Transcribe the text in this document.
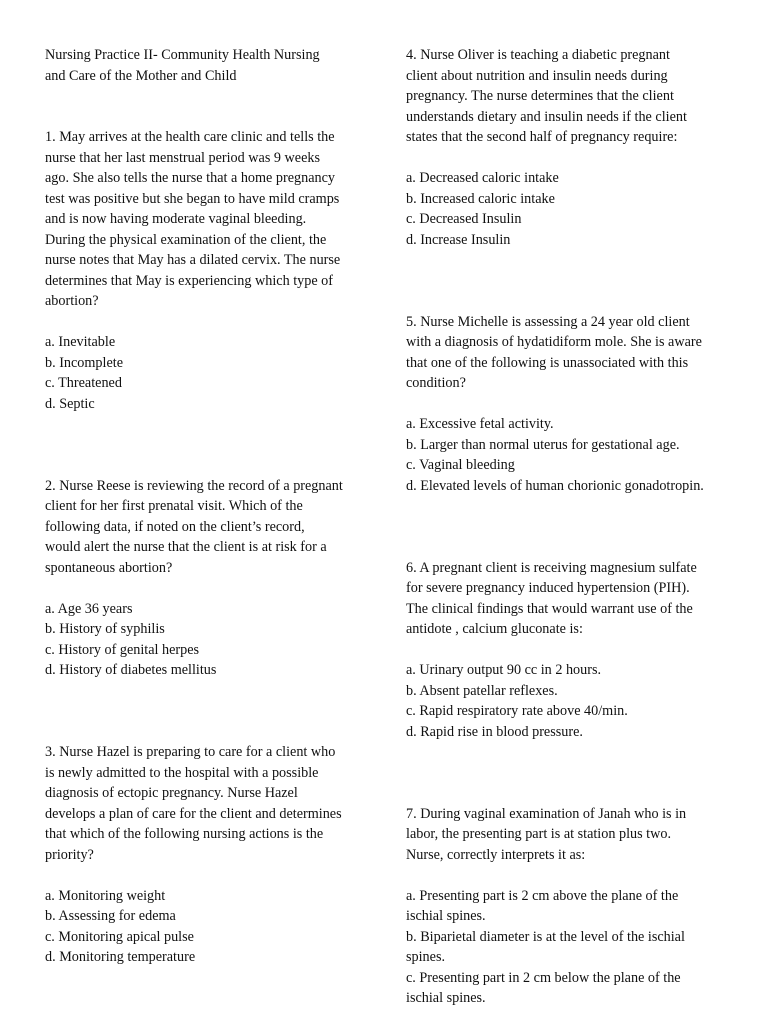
Nursing Practice II- Community Health Nursing
and Care of the Mother and Child
1. May arrives at the health care clinic and tells the
nurse that her last menstrual period was 9 weeks
ago. She also tells the nurse that a home pregnancy
test was positive but she began to have mild cramps
and is now having moderate vaginal bleeding.
During the physical examination of the client, the
nurse notes that May has a dilated cervix. The nurse
determines that May is experiencing which type of
abortion?
a. Inevitable
b. Incomplete
c. Threatened
d. Septic
2. Nurse Reese is reviewing the record of a pregnant
client for her first prenatal visit. Which of the
following data, if noted on the client’s record,
would alert the nurse that the client is at risk for a
spontaneous abortion?
a. Age 36 years
b. History of syphilis
c. History of genital herpes
d. History of diabetes mellitus
3. Nurse Hazel is preparing to care for a client who
is newly admitted to the hospital with a possible
diagnosis of ectopic pregnancy. Nurse Hazel
develops a plan of care for the client and determines
that which of the following nursing actions is the
priority?
a. Monitoring weight
b. Assessing for edema
c. Monitoring apical pulse
d. Monitoring temperature
4. Nurse Oliver is teaching a diabetic pregnant
client about nutrition and insulin needs during
pregnancy. The nurse determines that the client
understands dietary and insulin needs if the client
states that the second half of pregnancy require:
a. Decreased caloric intake
b. Increased caloric intake
c. Decreased Insulin
d. Increase Insulin
5. Nurse Michelle is assessing a 24 year old client
with a diagnosis of hydatidiform mole. She is aware
that one of the following is unassociated with this
condition?
a. Excessive fetal activity.
b. Larger than normal uterus for gestational age.
c. Vaginal bleeding
d. Elevated levels of human chorionic gonadotropin.
6. A pregnant client is receiving magnesium sulfate
for severe pregnancy induced hypertension (PIH).
The clinical findings that would warrant use of the
antidote , calcium gluconate is:
a. Urinary output 90 cc in 2 hours.
b. Absent patellar reflexes.
c. Rapid respiratory rate above 40/min.
d. Rapid rise in blood pressure.
7. During vaginal examination of Janah who is in
labor, the presenting part is at station plus two.
Nurse, correctly interprets it as:
a. Presenting part is 2 cm above the plane of the
ischial spines.
b. Biparietal diameter is at the level of the ischial
spines.
c. Presenting part in 2 cm below the plane of the
ischial spines.
